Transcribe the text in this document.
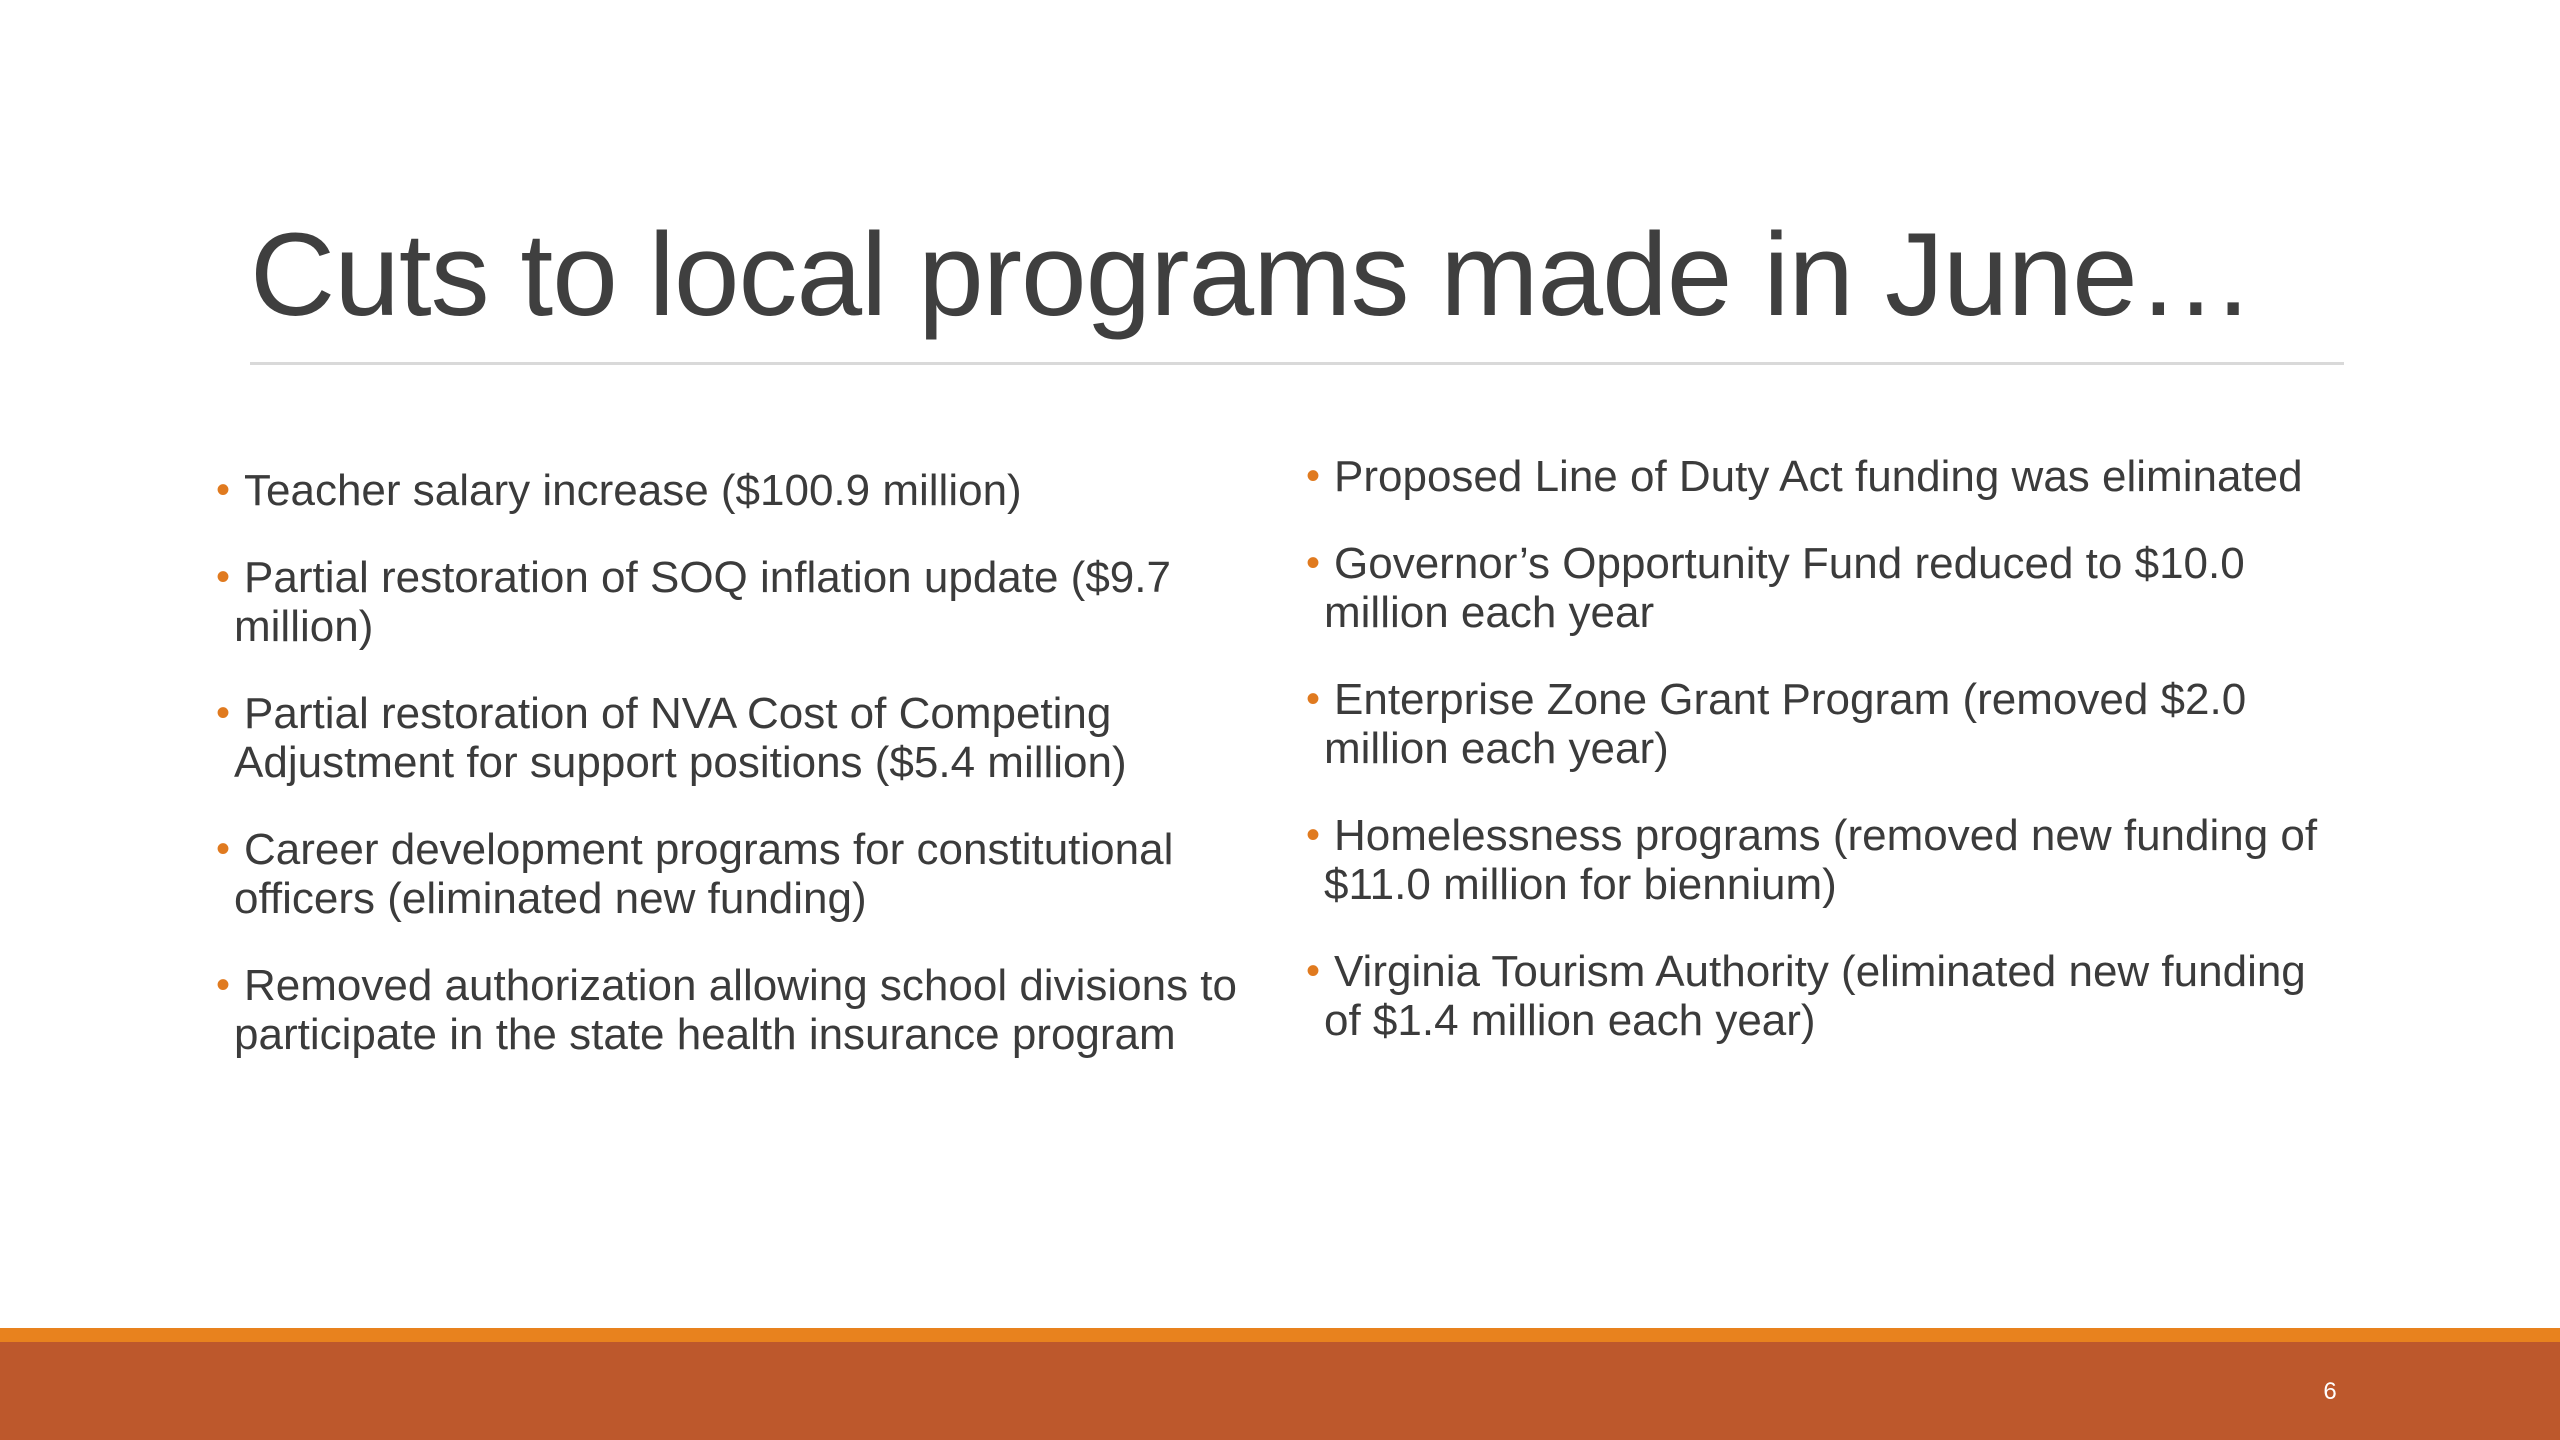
Cuts to local programs made in June…
• Teacher salary increase ($100.9 million)
• Partial restoration of SOQ inflation update ($9.7 million)
• Partial restoration of NVA Cost of Competing Adjustment for support positions ($5.4 million)
• Career development programs for constitutional officers (eliminated new funding)
• Removed authorization allowing school divisions to participate in the state health insurance program
• Proposed Line of Duty Act funding was eliminated
• Governor’s Opportunity Fund reduced to $10.0 million each year
• Enterprise Zone Grant Program (removed $2.0 million each year)
• Homelessness programs (removed new funding of $11.0 million for biennium)
• Virginia Tourism Authority (eliminated new funding of $1.4 million each year)
6
